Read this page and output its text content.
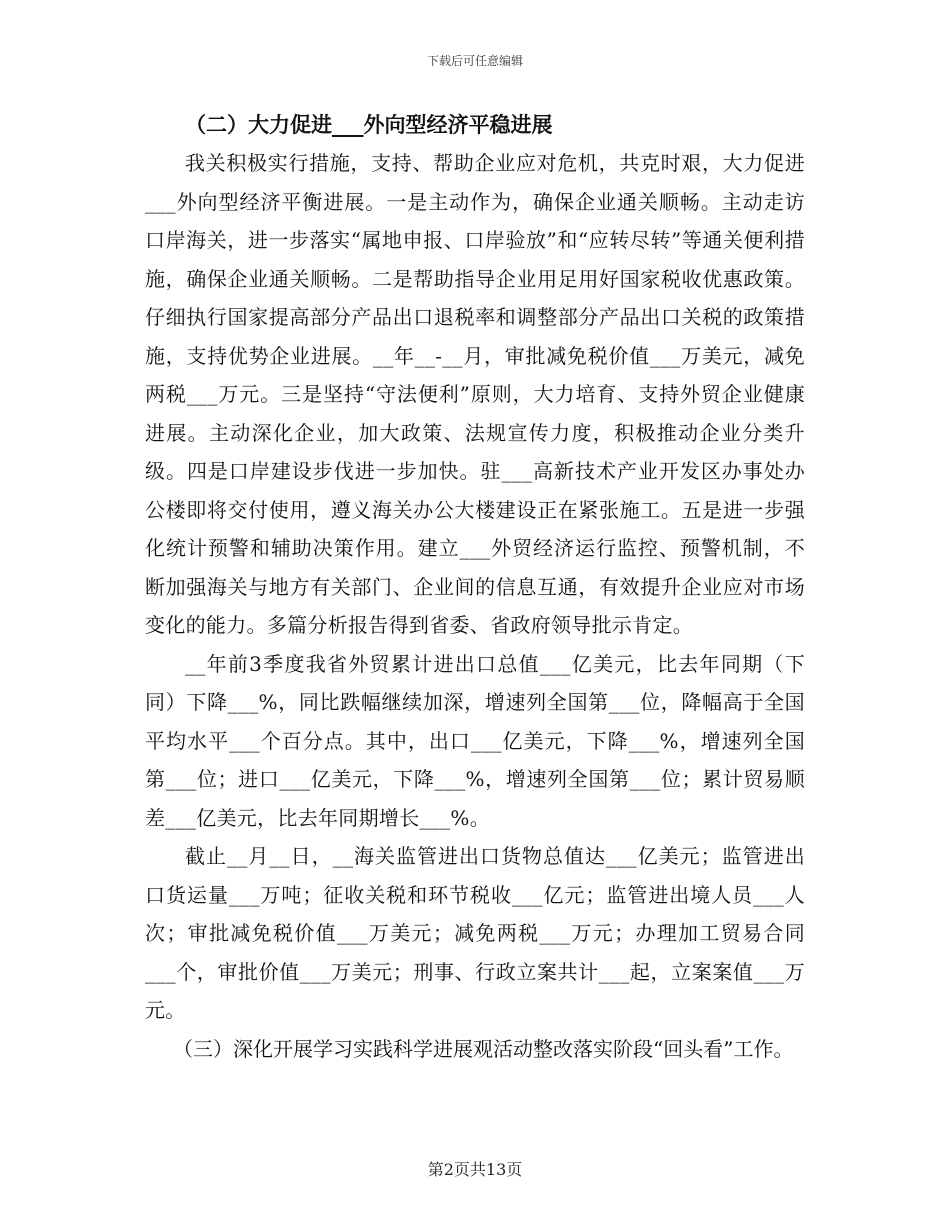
下载后可任意编辑

（二）大力促进___外向型经济平稳进展

我关积极实行措施，支持、帮助企业应对危机，共克时艰，大力促进___外向型经济平衡进展。一是主动作为，确保企业通关顺畅。主动走访口岸海关，进一步落实“属地申报、口岸验放”和“应转尽转”等通关便利措施，确保企业通关顺畅。二是帮助指导企业用足用好国家税收优惠政策。仔细执行国家提高部分产品出口退税率和调整部分产品出口关税的政策措施，支持优势企业进展。__年__-__月，审批减免税价值___万美元，减免两税___万元。三是坚持“守法便利”原则，大力培育、支持外贸企业健康进展。主动深化企业，加大政策、法规宣传力度，积极推动企业分类升级。四是口岸建设步伐进一步加快。驻___高新技术产业开发区办事处办公楼即将交付使用，遵义海关办公大楼建设正在紧张施工。五是进一步强化统计预警和辅助决策作用。建立___外贸经济运行监控、预警机制，不断加强海关与地方有关部门、企业间的信息互通，有效提升企业应对市场变化的能力。多篇分析报告得到省委、省政府领导批示肯定。

__年前3季度我省外贸累计进出口总值___亿美元，比去年同期（下同）下降___%，同比跌幅继续加深，增速列全国第___位，降幅高于全国平均水平___个百分点。其中，出口___亿美元，下降___%，增速列全国第___位；进口___亿美元，下降___%，增速列全国第___位；累计贸易顺差___亿美元，比去年同期增长___%。

截止__月__日，__海关监管进出口货物总值达___亿美元；监管进出口货运量___万吨；征收关税和环节税收___亿元；监管进出境人员___人次；审批减免税价值___万美元；减免两税___万元；办理加工贸易合同___个，审批价值___万美元；刑事、行政立案共计___起，立案案值___万元。

（三）深化开展学习实践科学进展观活动整改落实阶段“回头看”工作。

第2页共13页
